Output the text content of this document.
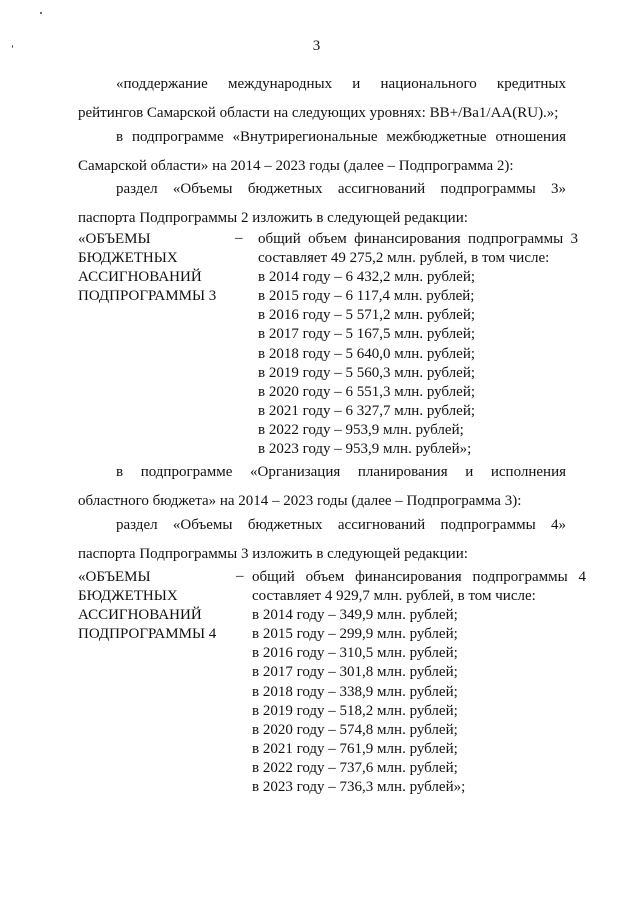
3
«поддержание международных и национального кредитных
рейтингов Самарской области на следующих уровнях: BB+/Ba1/AA(RU).»;
в подпрограмме «Внутрирегиональные межбюджетные отношения
Самарской области» на 2014 – 2023 годы (далее – Подпрограмма 2):
раздел «Объемы бюджетных ассигнований подпрограммы 3»
паспорта Подпрограммы 2 изложить в следующей редакции:
«ОБЪЕМЫ
БЮДЖЕТНЫХ
АССИГНОВАНИЙ
ПОДПРОГРАММЫ 3
– общий объем финансирования подпрограммы 3
составляет 49 275,2 млн. рублей, в том числе:
в 2014 году – 6 432,2 млн. рублей;
в 2015 году – 6 117,4 млн. рублей;
в 2016 году – 5 571,2 млн. рублей;
в 2017 году – 5 167,5 млн. рублей;
в 2018 году – 5 640,0 млн. рублей;
в 2019 году – 5 560,3 млн. рублей;
в 2020 году – 6 551,3 млн. рублей;
в 2021 году – 6 327,7 млн. рублей;
в 2022 году – 953,9 млн. рублей;
в 2023 году – 953,9 млн. рублей»;
в подпрограмме «Организация планирования и исполнения
областного бюджета» на 2014 – 2023 годы (далее – Подпрограмма 3):
раздел «Объемы бюджетных ассигнований подпрограммы 4»
паспорта Подпрограммы 3 изложить в следующей редакции:
«ОБЪЕМЫ
БЮДЖЕТНЫХ
АССИГНОВАНИЙ
ПОДПРОГРАММЫ 4
– общий объем финансирования подпрограммы 4
составляет 4 929,7 млн. рублей, в том числе:
в 2014 году – 349,9 млн. рублей;
в 2015 году – 299,9 млн. рублей;
в 2016 году – 310,5 млн. рублей;
в 2017 году – 301,8 млн. рублей;
в 2018 году – 338,9 млн. рублей;
в 2019 году – 518,2 млн. рублей;
в 2020 году – 574,8 млн. рублей;
в 2021 году – 761,9 млн. рублей;
в 2022 году – 737,6 млн. рублей;
в 2023 году – 736,3 млн. рублей»;
